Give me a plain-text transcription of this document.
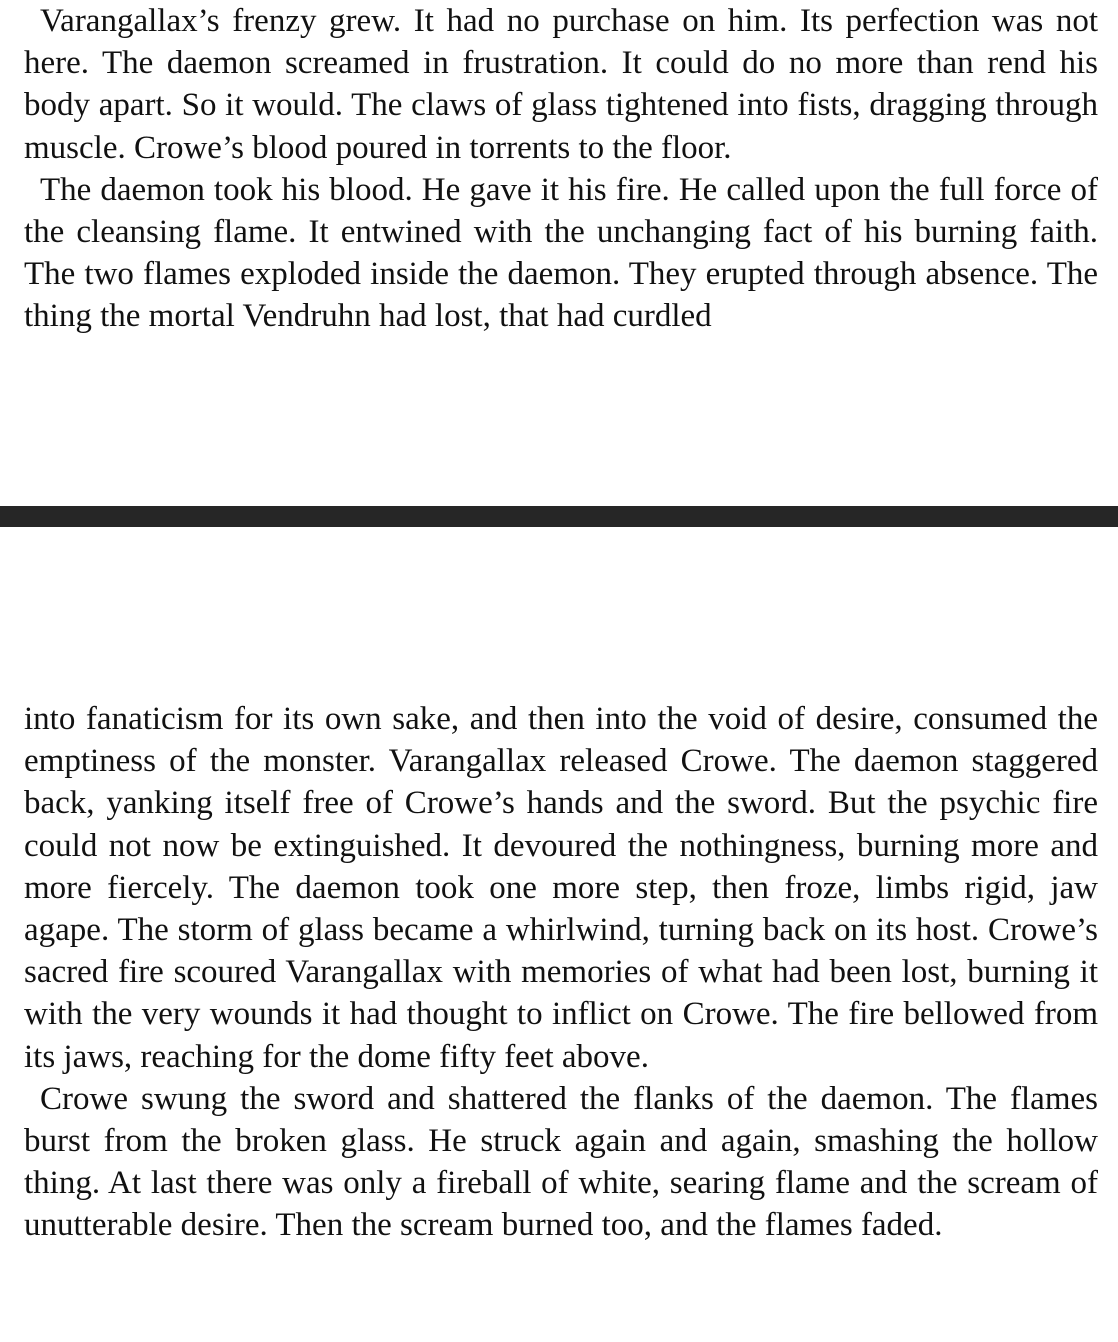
Varangallax’s frenzy grew. It had no purchase on him. Its perfection was not here. The daemon screamed in frustration. It could do no more than rend his body apart. So it would. The claws of glass tightened into fists, dragging through muscle. Crowe’s blood poured in torrents to the floor.

The daemon took his blood. He gave it his fire. He called upon the full force of the cleansing flame. It entwined with the unchanging fact of his burning faith. The two flames exploded inside the daemon. They erupted through absence. The thing the mortal Vendruhn had lost, that had curdled

into fanaticism for its own sake, and then into the void of desire, consumed the emptiness of the monster. Varangallax released Crowe. The daemon staggered back, yanking itself free of Crowe’s hands and the sword. But the psychic fire could not now be extinguished. It devoured the nothingness, burning more and more fiercely. The daemon took one more step, then froze, limbs rigid, jaw agape. The storm of glass became a whirlwind, turning back on its host. Crowe’s sacred fire scoured Varangallax with memories of what had been lost, burning it with the very wounds it had thought to inflict on Crowe. The fire bellowed from its jaws, reaching for the dome fifty feet above.

Crowe swung the sword and shattered the flanks of the daemon. The flames burst from the broken glass. He struck again and again, smashing the hollow thing. At last there was only a fireball of white, searing flame and the scream of unutterable desire. Then the scream burned too, and the flames faded.
